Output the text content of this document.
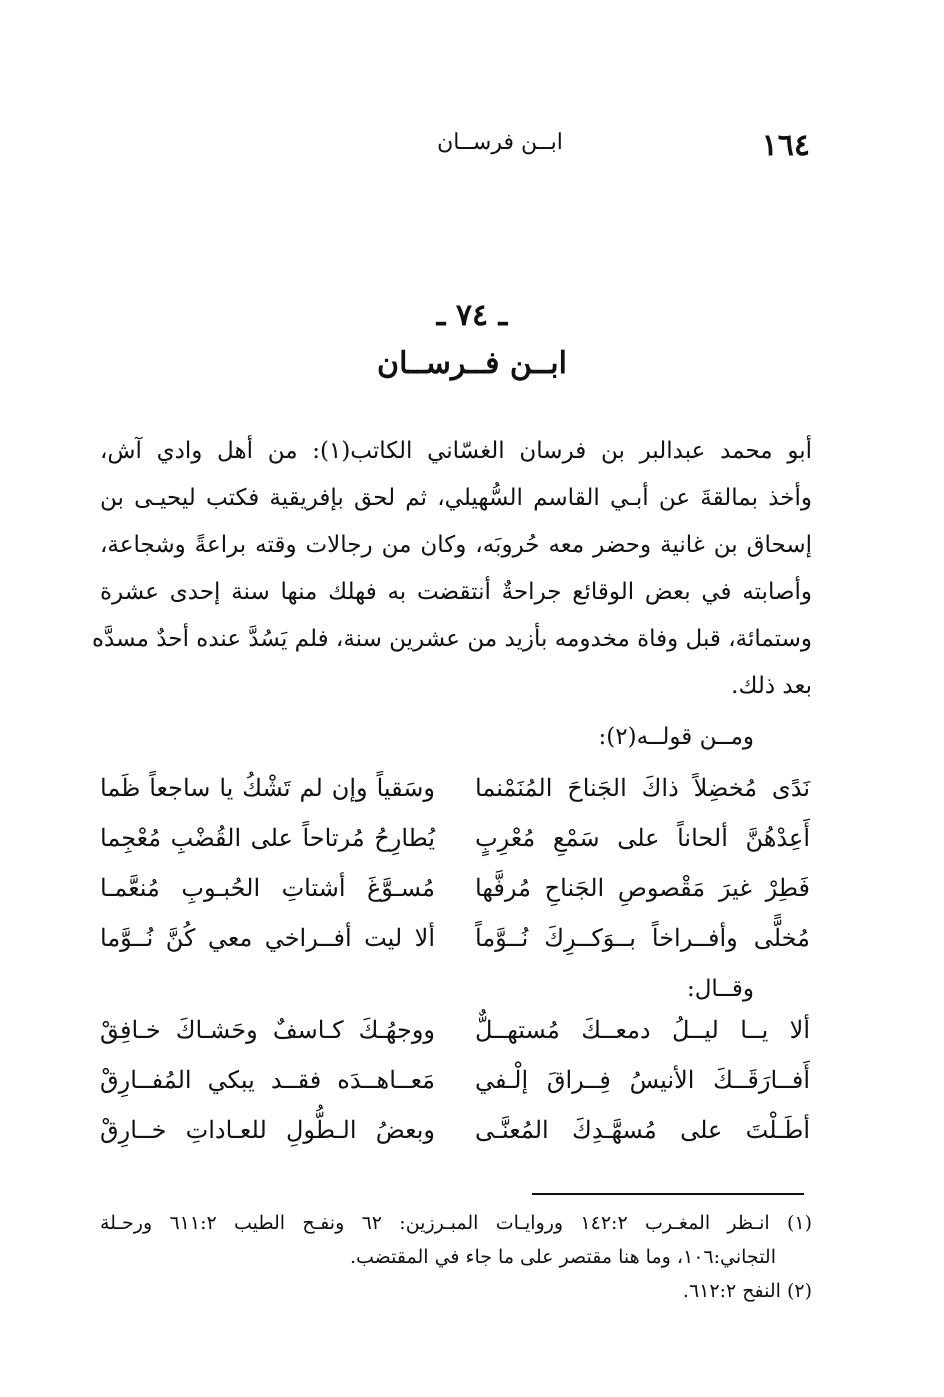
١٦٤
ابــن فرســان
ـ ٧٤ ـ
ابــن فــرســان

أبو محمد عبدالبر بن فرسان الغسّاني الكاتب(١): من أهل وادي آش،
وأخذ بمالقةَ عن أبـي القاسم السُّهيلي، ثم لحق بإفريقية فكتب ليحيـى بن
إسحاق بن غانية وحضر معه حُروبَه، وكان من رجالات وقته براعةً وشجاعة،
وأصابته في بعض الوقائع جراحةٌ أنتقضت به فهلك منها سنة إحدى عشرة
وستمائة، قبل وفاة مخدومه بأزيد من عشرين سنة، فلم يَسُدَّ عنده أحدٌ مسدَّه
بعد ذلك.

ومــن قولــه(٢):
نَدًى مُخضِلاً ذاكَ الجَناحَ المُنَمْنما
وسَقياً وإن لم تَشْكُ يا ساجعاً ظَما
أَعِدْهُنَّ ألحاناً على سَمْعِ مُعْرِبٍ
يُطارِحُ مُرتاحاً على القُضْبِ مُعْجِما
فَطِرْ غيرَ مَقْصوصِ الجَناحِ مُرفَّها
مُسـوَّغَ أشتاتِ الحُبـوبِ مُنعَّمـا
مُخلًّى وأفــراخاً بــوَكــرِكَ نُــوَّماً
ألا ليت أفــراخي معي كُنَّ نُــوَّما
وقــال:
ألا يــا ليــلُ دمعــكَ مُستهــلٌّ
ووجهُـكَ كـاسفٌ وحَشـاكَ خـافِقْ
أَفــارَقَــكَ الأنيسُ فِــراقَ إلْـفي
مَعــاهــدَه فقــد يبكي المُفــارِقْ
أطَـلْتَ على مُسهَّـدِكَ المُعنَّـى
وبعضُ الـطُّولِ للعـاداتِ خــارِقْ
(١) انـظر المغـرب ١٤٢:٢ وروايـات المبـرزين: ٦٢ ونفـح الطيب ٦١١:٢ ورحـلة
التجاني:١٠٦، وما هنا مقتصر على ما جاء في المقتضب.
(٢) النفح ٦١٢:٢.
